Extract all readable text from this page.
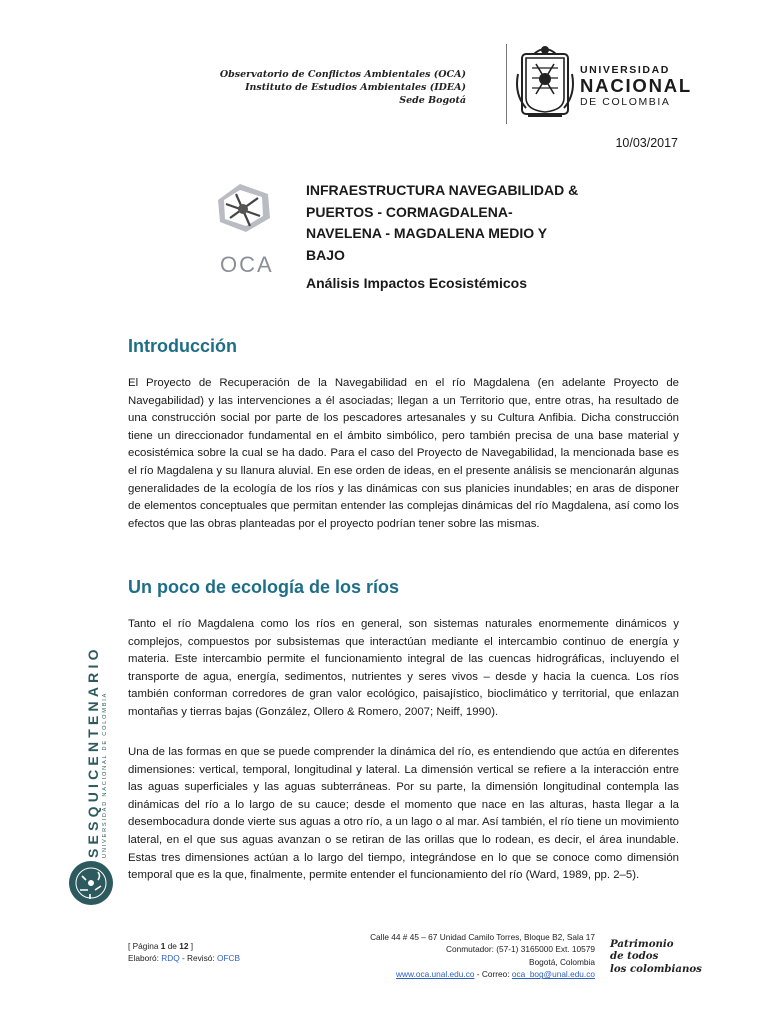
Observatorio de Conflictos Ambientales (OCA)
Instituto de Estudios Ambientales (IDEA)
Sede Bogotá
UNIVERSIDAD
NACIONAL
DE COLOMBIA
10/03/2017
OCA
INFRAESTRUCTURA NAVEGABILIDAD &
PUERTOS - CORMAGDALENA-
NAVELENA - MAGDALENA MEDIO Y
BAJO
Análisis Impactos Ecosistémicos
Introducción
El Proyecto de Recuperación de la Navegabilidad en el río Magdalena (en adelante Proyecto de Navegabilidad) y las intervenciones a él asociadas; llegan a un Territorio que, entre otras, ha resultado de una construcción social por parte de los pescadores artesanales y su Cultura Anfibia. Dicha construcción tiene un direccionador fundamental en el ámbito simbólico, pero también precisa de una base material y ecosistémica sobre la cual se ha dado. Para el caso del Proyecto de Navegabilidad, la mencionada base es el río Magdalena y su llanura aluvial. En ese orden de ideas, en el presente análisis se mencionarán algunas generalidades de la ecología de los ríos y las dinámicas con sus planicies inundables; en aras de disponer de elementos conceptuales que permitan entender las complejas dinámicas del río Magdalena, así como los efectos que las obras planteadas por el proyecto podrían tener sobre las mismas.
Un poco de ecología de los ríos
Tanto el río Magdalena como los ríos en general, son sistemas naturales enormemente dinámicos y complejos, compuestos por subsistemas que interactúan mediante el intercambio continuo de energía y materia. Este intercambio permite el funcionamiento integral de las cuencas hidrográficas, incluyendo el transporte de agua, energía, sedimentos, nutrientes y seres vivos – desde y hacia la cuenca. Los ríos también conforman corredores de gran valor ecológico, paisajístico, bioclimático y territorial, que enlazan montañas y tierras bajas (González, Ollero & Romero, 2007; Neiff, 1990).
Una de las formas en que se puede comprender la dinámica del río, es entendiendo que actúa en diferentes dimensiones: vertical, temporal, longitudinal y lateral. La dimensión vertical se refiere a la interacción entre las aguas superficiales y las aguas subterráneas. Por su parte, la dimensión longitudinal contempla las dinámicas del río a lo largo de su cauce; desde el momento que nace en las alturas, hasta llegar a la desembocadura donde vierte sus aguas a otro río, a un lago o al mar. Así también, el río tiene un movimiento lateral, en el que sus aguas avanzan o se retiran de las orillas que lo rodean, es decir, el área inundable. Estas tres dimensiones actúan a lo largo del tiempo, integrándose en lo que se conoce como dimensión temporal que es la que, finalmente, permite entender el funcionamiento del río (Ward, 1989, pp. 2–5).
SESQUICENTENARIO UNIVERSIDAD NACIONAL DE COLOMBIA
[ Página 1 de 12 ]
Elaboró: RDQ - Revisó: OFCB
Calle 44 # 45 – 67 Unidad Camilo Torres, Bloque B2, Sala 17
Conmutador: (57-1) 3165000 Ext. 10579
Bogotá, Colombia
www.oca.unal.edu.co - Correo: oca_bog@unal.edu.co
Patrimonio
de todos
los colombianos
